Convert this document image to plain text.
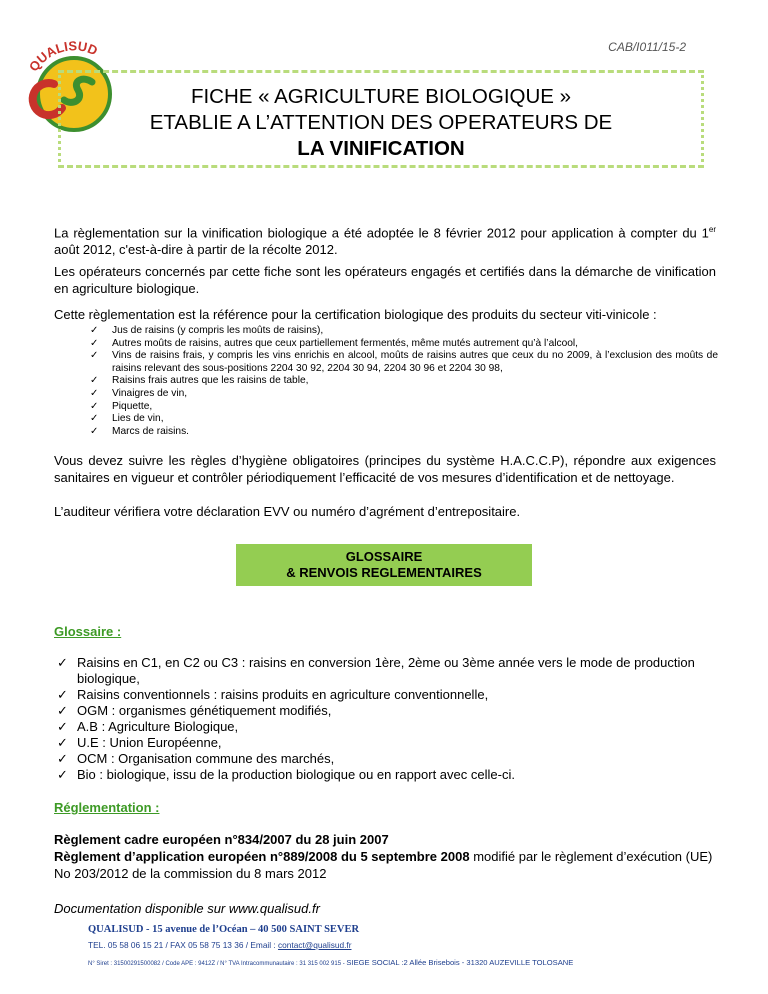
CAB/I011/15-2
QUALISUD
FICHE « AGRICULTURE BIOLOGIQUE »
ETABLIE A L’ATTENTION DES OPERATEURS DE
LA VINIFICATION

La règlementation sur la vinification biologique a été adoptée le 8 février 2012 pour application à compter du 1er août 2012, c'est-à-dire à partir de la récolte 2012.

Les opérateurs concernés par cette fiche sont les opérateurs engagés et certifiés dans la démarche de vinification en agriculture biologique.

Cette règlementation est la référence pour la certification biologique des produits du secteur viti-vinicole :

✓ Jus de raisins (y compris les moûts de raisins),
✓ Autres moûts de raisins, autres que ceux partiellement fermentés, même mutés autrement qu’à l’alcool,
✓ Vins de raisins frais, y compris les vins enrichis en alcool, moûts de raisins autres que ceux du no 2009, à l’exclusion des moûts de raisins relevant des sous-positions 2204 30 92, 2204 30 94, 2204 30 96 et 2204 30 98,
✓ Raisins frais autres que les raisins de table,
✓ Vinaigres de vin,
✓ Piquette,
✓ Lies de vin,
✓ Marcs de raisins.

Vous devez suivre les règles d’hygiène obligatoires (principes du système H.A.C.C.P), répondre aux exigences sanitaires en vigueur et contrôler périodiquement l’efficacité de vos mesures d’identification et de nettoyage.

L’auditeur vérifiera votre déclaration EVV ou numéro d’agrément d’entrepositaire.

GLOSSAIRE
& RENVOIS REGLEMENTAIRES
Glossaire :
✓ Raisins en C1, en C2 ou C3 : raisins en conversion 1ère, 2ème ou 3ème année vers le mode de production biologique,
✓ Raisins conventionnels : raisins produits en agriculture conventionnelle,
✓ OGM : organismes génétiquement modifiés,
✓ A.B : Agriculture Biologique,
✓ U.E : Union Européenne,
✓ OCM : Organisation commune des marchés,
✓ Bio : biologique, issu de la production biologique ou en rapport avec celle-ci.
Réglementation :

Règlement cadre européen n°834/2007 du 28 juin 2007

Règlement d’application européen n°889/2008 du 5 septembre 2008 modifié par le règlement d’exécution (UE) No 203/2012 de la commission du 8 mars 2012

Documentation disponible sur www.qualisud.fr

QUALISUD - 15 avenue de l’Océan – 40 500 SAINT SEVER
TEL. 05 58 06 15 21 / FAX 05 58 75 13 36 / Email : contact@qualisud.fr
N° Siret : 31500291500082 / Code APE : 9412Z / N° TVA Intracommunautaire : 31 315 002 915 - SIEGE SOCIAL :2 Allée Brisebois - 31320 AUZEVILLE TOLOSANE
